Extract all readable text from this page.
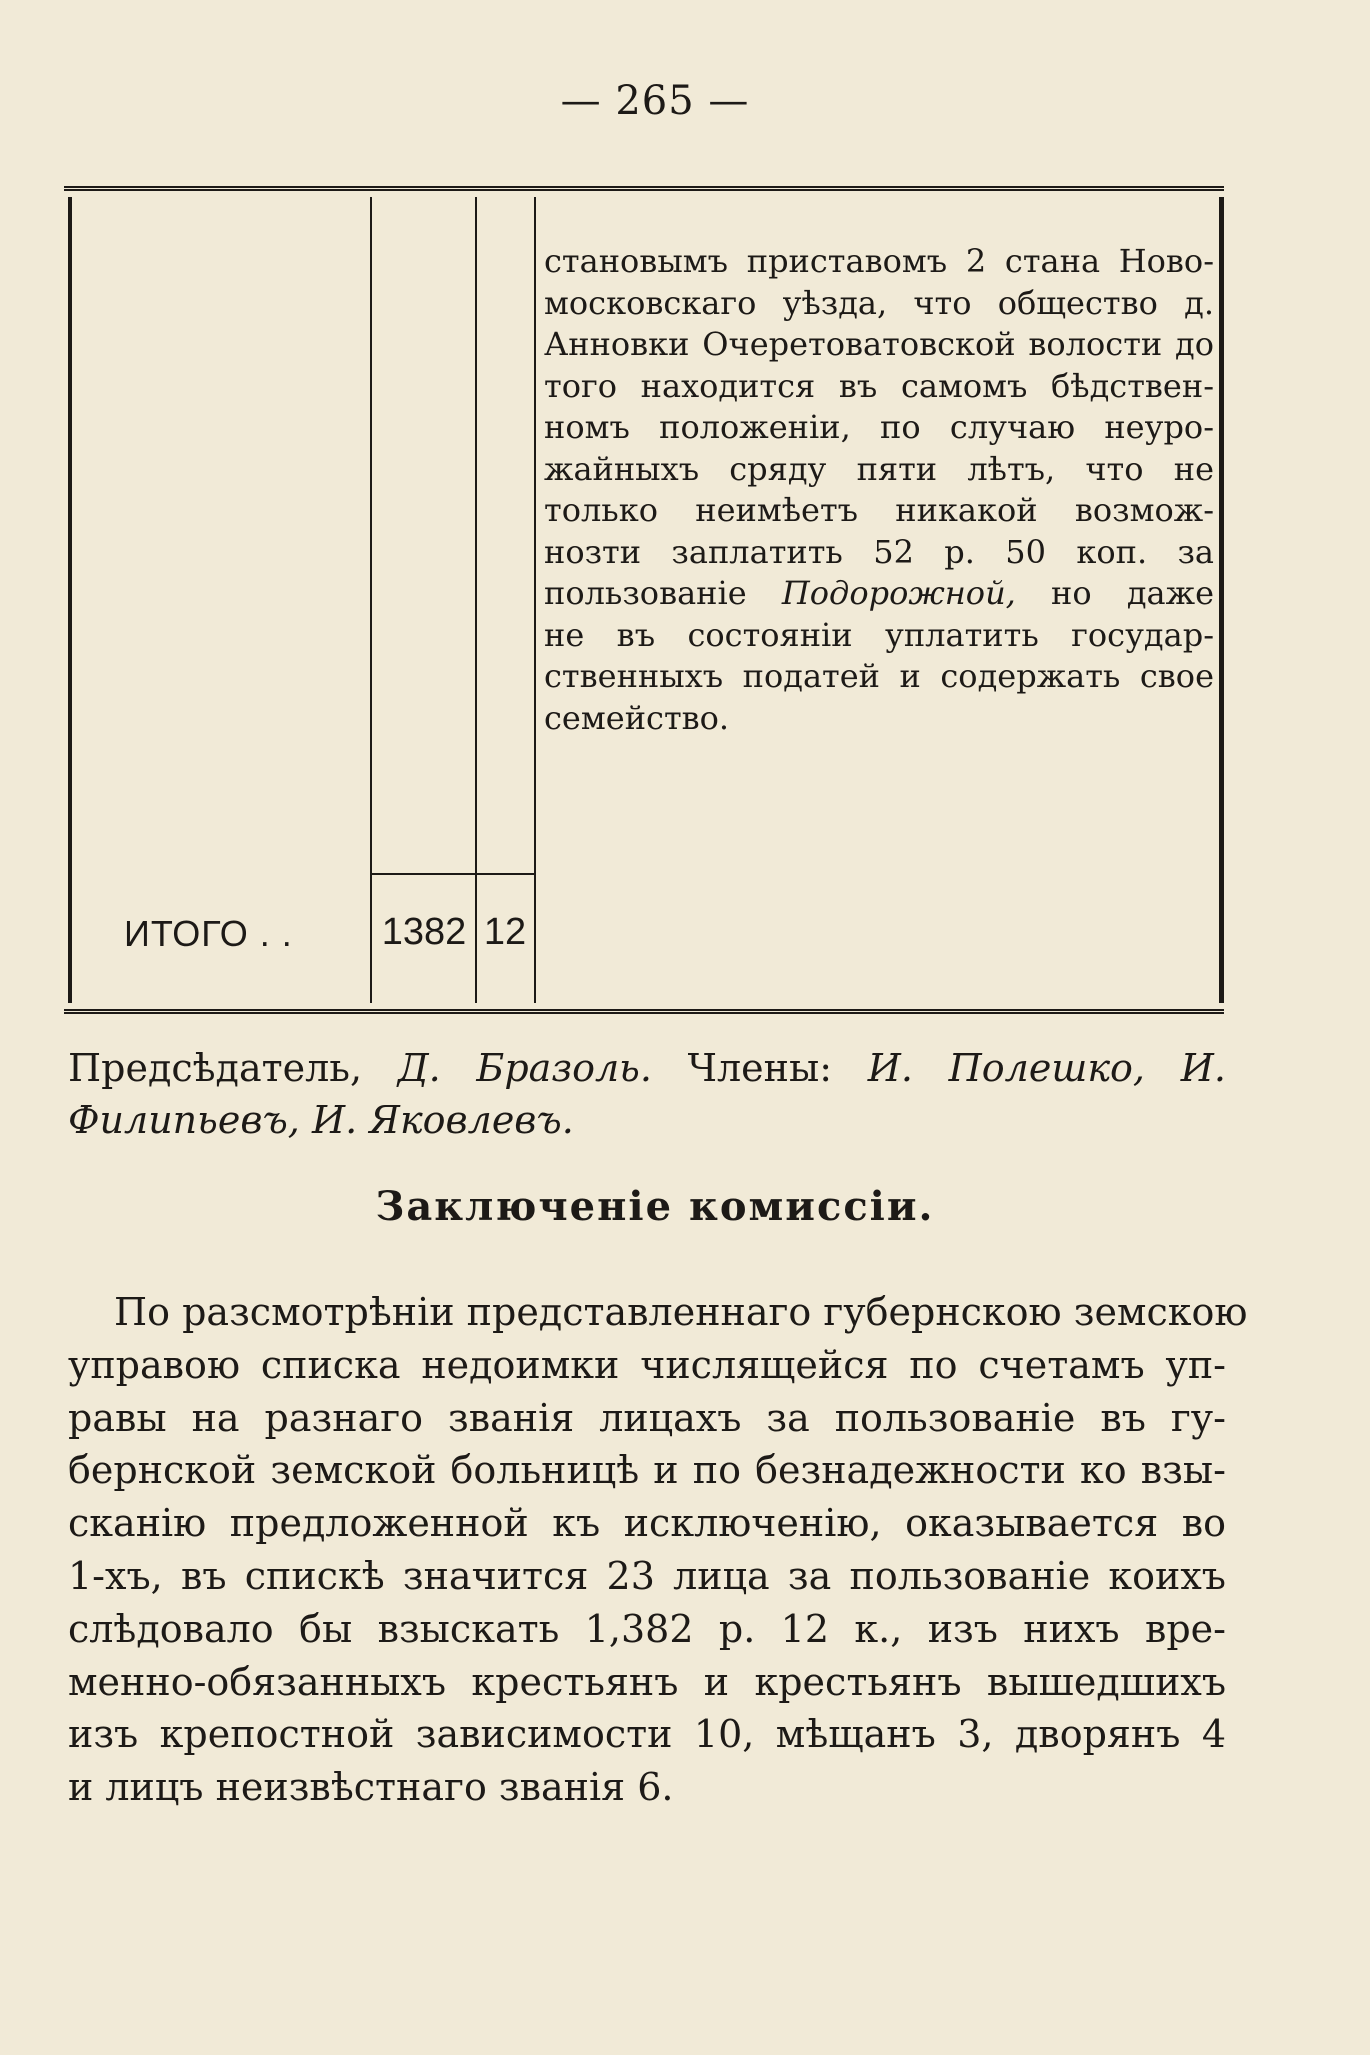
— 265 —
становымъ приставомъ 2 стана Ново-
московскаго уѣзда, что общество д.
Анновки Очеретоватовской волости до
того находится въ самомъ бѣдствен-
номъ положенiи, по случаю неуро-
жайныхъ сряду пяти лѣтъ, что не
только неимѣетъ никакой возмож-
нозти заплатить 52 р. 50 коп. за
пользованiе Подорожной, но даже
не въ состоянiи уплатить государ-
ственныхъ податей и содержать свое
семейство.
ИТОГО . . 1382 12
Предсѣдатель, Д. Бразоль. Члены: И. Полешко, И.
Филипьевъ, И. Яковлевъ.
Заключенiе комиссiи.
По разсмотрѣнiи представленнаго губернскою земскою
управою списка недоимки числящейся по счетамъ уп-
равы на разнаго званiя лицахъ за пользованiе въ гу-
бернской земской больницѣ и по безнадежности ко взы-
сканiю предложенной къ исключенiю, оказывается во
1-хъ, въ спискѣ значится 23 лица за пользованiе коихъ
слѣдовало бы взыскать 1,382 р. 12 к., изъ нихъ вре-
менно-обязанныхъ крестьянъ и крестьянъ вышедшихъ
изъ крепостной зависимости 10, мѣщанъ 3, дворянъ 4
и лицъ неизвѣстнаго званiя 6.
